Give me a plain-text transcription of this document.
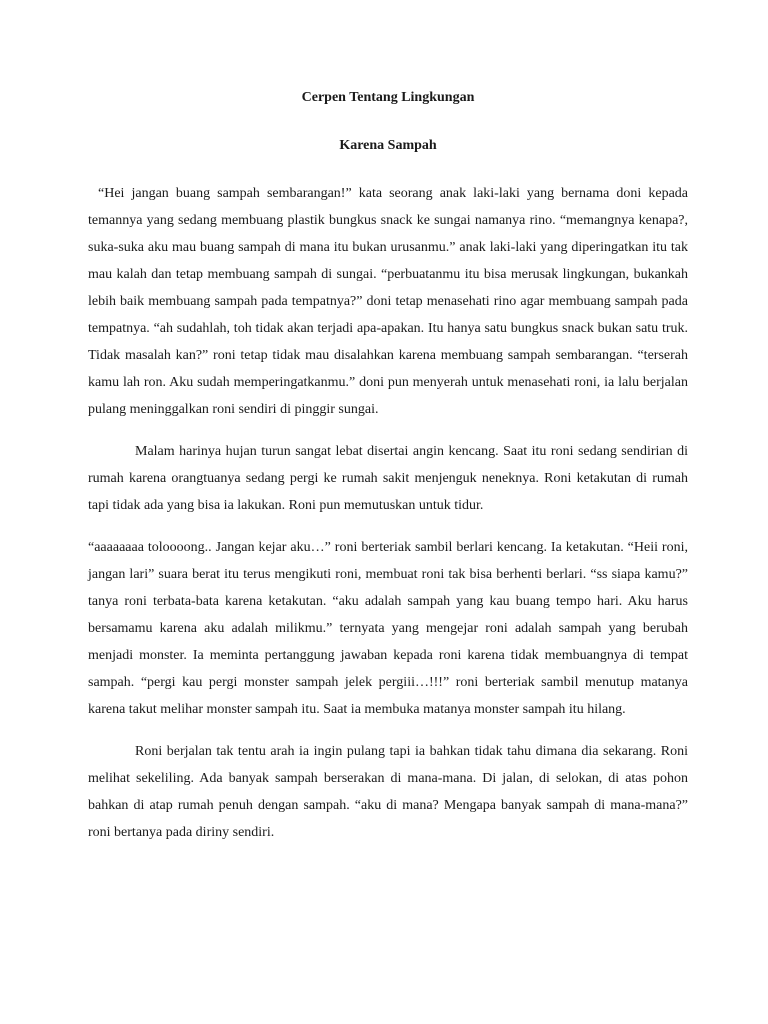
Cerpen Tentang Lingkungan
Karena Sampah

“Hei jangan buang sampah sembarangan!” kata seorang anak laki-laki yang bernama doni kepada temannya yang sedang membuang plastik bungkus snack ke sungai namanya rino. “memangnya kenapa?, suka-suka aku mau buang sampah di mana itu bukan urusanmu.” anak laki-laki yang diperingatkan itu tak mau kalah dan tetap membuang sampah di sungai. “perbuatanmu itu bisa merusak lingkungan, bukankah lebih baik membuang sampah pada tempatnya?” doni tetap menasehati rino agar membuang sampah pada tempatnya. “ah sudahlah, toh tidak akan terjadi apa-apakan. Itu hanya satu bungkus snack bukan satu truk. Tidak masalah kan?” roni tetap tidak mau disalahkan karena membuang sampah sembarangan. “terserah kamu lah ron. Aku sudah memperingatkanmu.” doni pun menyerah untuk menasehati roni, ia lalu berjalan pulang meninggalkan roni sendiri di pinggir sungai.

Malam harinya hujan turun sangat lebat disertai angin kencang. Saat itu roni sedang sendirian di rumah karena orangtuanya sedang pergi ke rumah sakit menjenguk neneknya. Roni ketakutan di rumah tapi tidak ada yang bisa ia lakukan. Roni pun memutuskan untuk tidur.

“aaaaaaaa toloooong.. Jangan kejar aku…” roni berteriak sambil berlari kencang. Ia ketakutan. “Heii roni, jangan lari” suara berat itu terus mengikuti roni, membuat roni tak bisa berhenti berlari. “ss siapa kamu?” tanya roni terbata-bata karena ketakutan. “aku adalah sampah yang kau buang tempo hari. Aku harus bersamamu karena aku adalah milikmu.” ternyata yang mengejar roni adalah sampah yang berubah menjadi monster. Ia meminta pertanggung jawaban kepada roni karena tidak membuangnya di tempat sampah. “pergi kau pergi monster sampah jelek pergiii…!!!” roni berteriak sambil menutup matanya karena takut melihar monster sampah itu. Saat ia membuka matanya monster sampah itu hilang.

Roni berjalan tak tentu arah ia ingin pulang tapi ia bahkan tidak tahu dimana dia sekarang. Roni melihat sekeliling. Ada banyak sampah berserakan di mana-mana. Di jalan, di selokan, di atas pohon bahkan di atap rumah penuh dengan sampah. “aku di mana? Mengapa banyak sampah di mana-mana?” roni bertanya pada diriny sendiri.
